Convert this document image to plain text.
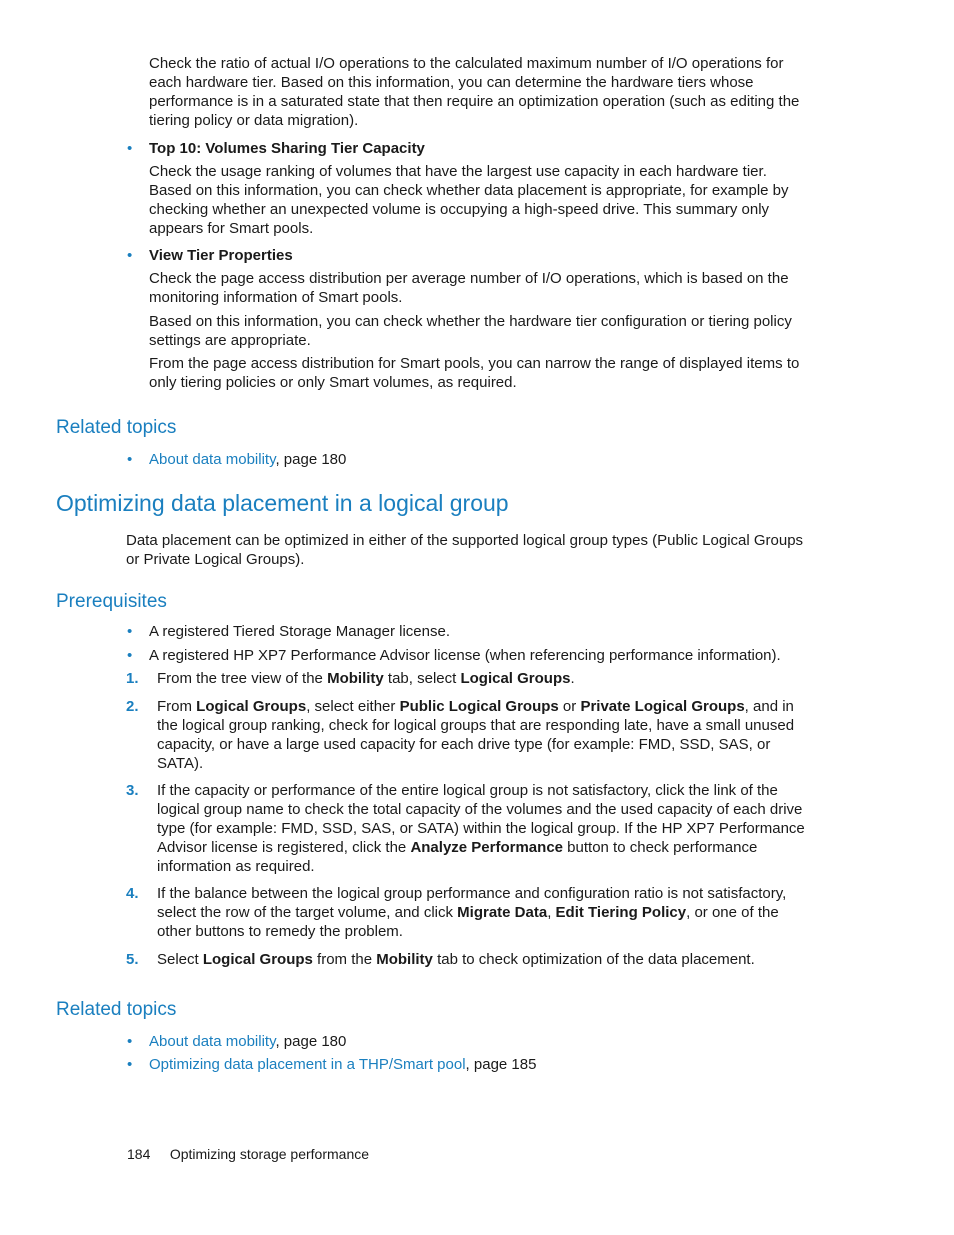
Check the ratio of actual I/O operations to the calculated maximum number of I/O operations for each hardware tier. Based on this information, you can determine the hardware tiers whose performance is in a saturated state that then require an optimization operation (such as editing the tiering policy or data migration).

• Top 10: Volumes Sharing Tier Capacity

Check the usage ranking of volumes that have the largest use capacity in each hardware tier. Based on this information, you can check whether data placement is appropriate, for example by checking whether an unexpected volume is occupying a high-speed drive. This summary only appears for Smart pools.

• View Tier Properties

Check the page access distribution per average number of I/O operations, which is based on the monitoring information of Smart pools.

Based on this information, you can check whether the hardware tier configuration or tiering policy settings are appropriate.

From the page access distribution for Smart pools, you can narrow the range of displayed items to only tiering policies or only Smart volumes, as required.

Related topics
• About data mobility, page 180

Optimizing data placement in a logical group

Data placement can be optimized in either of the supported logical group types (Public Logical Groups or Private Logical Groups).

Prerequisites
• A registered Tiered Storage Manager license.

• A registered HP XP7 Performance Advisor license (when referencing performance information).

1. From the tree view of the Mobility tab, select Logical Groups.

2. From Logical Groups, select either Public Logical Groups or Private Logical Groups, and in the logical group ranking, check for logical groups that are responding late, have a small unused capacity, or have a large used capacity for each drive type (for example: FMD, SSD, SAS, or SATA).

3. If the capacity or performance of the entire logical group is not satisfactory, click the link of the logical group name to check the total capacity of the volumes and the used capacity of each drive type (for example: FMD, SSD, SAS, or SATA) within the logical group. If the HP XP7 Performance Advisor license is registered, click the Analyze Performance button to check performance information as required.

4. If the balance between the logical group performance and configuration ratio is not satisfactory, select the row of the target volume, and click Migrate Data, Edit Tiering Policy, or one of the other buttons to remedy the problem.

5. Select Logical Groups from the Mobility tab to check optimization of the data placement.

Related topics
• About data mobility, page 180

• Optimizing data placement in a THP/Smart pool, page 185

184 Optimizing storage performance
